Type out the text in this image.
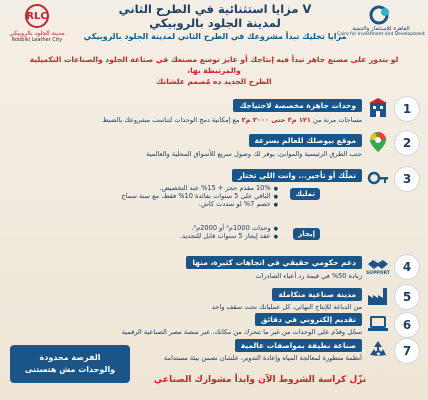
RLC
مدينة الجلود بالروبيكي
Robbiki Leather City
القاهرة للإستثمار والتنمية
Cairo for Investment and Development
V مزايا استثنائية في الطرح الثاني
لمدينة الجلود بالروبيكي
مزايا تخليك تبدأ مشروعك في الطرح الثاني لمدينة الجلود بالروبيكي
لو بتدور على مصنع جاهز تبدأ فيه إنتاجك أو عايز توسع مصنعك في صناعة الجلود والصناعات التكميلية والمرتبطة بها،
الطرح الجديد ده مُصمم علشانك
1
وحدات جاهزة مخصصة لاحتياجك
مساحات مرنة من ١٢١ م٢ حتى ٣٠٠٠ م٢ مع إمكانية دمج الوحدات لتناسب مشروعك بالضبط
2
موقع بيوصلك للعالم بسرعة
جنب الطرق الرئيسية والموانئ، يوفر لك وصول سريع للأسواق المحلية والعالمية
3
تملّك أو تأجير... وانت اللي تختار
تمليك
● 10% مقدم حجز + 15% عند التخصيص.
● الباقي على 5 سنوات بفائدة 10% فقط، مع سنة سماح
● خصم 7% لو سددت كاش.
إيجار
● وحدات 1000م² أو 2000م².
● عقد إيجار 5 سنوات قابل للتجديد.
4
SUPPORT
دعم حكومي حقيقي في اتجاهات كثيرة، منها
زيادة 50% في قيمة رد أعباء الصادرات
5
مدينة صناعية متكاملة
من الدباغة للإنتاج النهائي، كل عملياتك تحت سقف واحد
6
تقديم إلكتروني في دقائق
سجّل وقدّم على الوحدات من غير ما تتحرك من مكانك، عبر منصة مصر الصناعية الرقمية
7
صناعة نظيفة بمواصفات عالمية
أنظمة متطورة لمعالجة المياه وإعادة التدوير، علشان نضمن بيئة مستدامة
الفرصة محدودة
والوحدات مش هتستنى
نزّل كراسة الشروط الآن وابدأ مشوارك الصناعي
